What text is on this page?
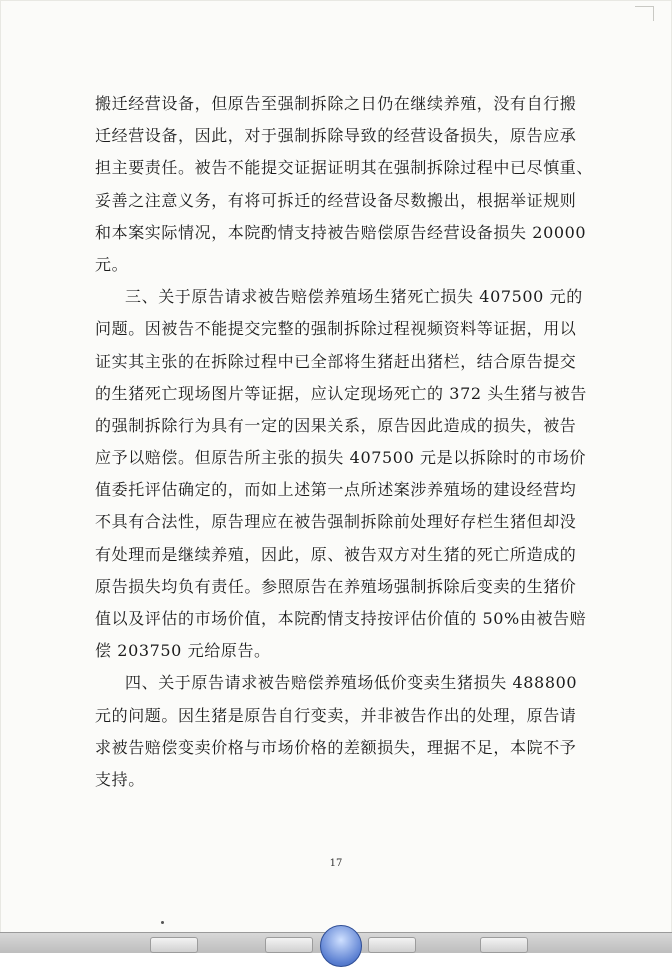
搬迁经营设备，但原告至强制拆除之日仍在继续养殖，没有自行搬
迁经营设备，因此，对于强制拆除导致的经营设备损失，原告应承
担主要责任。被告不能提交证据证明其在强制拆除过程中已尽慎重、
妥善之注意义务，有将可拆迁的经营设备尽数搬出，根据举证规则
和本案实际情况，本院酌情支持被告赔偿原告经营设备损失 20000
元。
三、关于原告请求被告赔偿养殖场生猪死亡损失 407500 元的
问题。因被告不能提交完整的强制拆除过程视频资料等证据，用以
证实其主张的在拆除过程中已全部将生猪赶出猪栏，结合原告提交
的生猪死亡现场图片等证据，应认定现场死亡的 372 头生猪与被告
的强制拆除行为具有一定的因果关系，原告因此造成的损失，被告
应予以赔偿。但原告所主张的损失 407500 元是以拆除时的市场价
值委托评估确定的，而如上述第一点所述案涉养殖场的建设经营均
不具有合法性，原告理应在被告强制拆除前处理好存栏生猪但却没
有处理而是继续养殖，因此，原、被告双方对生猪的死亡所造成的
原告损失均负有责任。参照原告在养殖场强制拆除后变卖的生猪价
值以及评估的市场价值，本院酌情支持按评估价值的 50%由被告赔
偿 203750 元给原告。
四、关于原告请求被告赔偿养殖场低价变卖生猪损失 488800
元的问题。因生猪是原告自行变卖，并非被告作出的处理，原告请
求被告赔偿变卖价格与市场价格的差额损失，理据不足，本院不予
支持。
17
